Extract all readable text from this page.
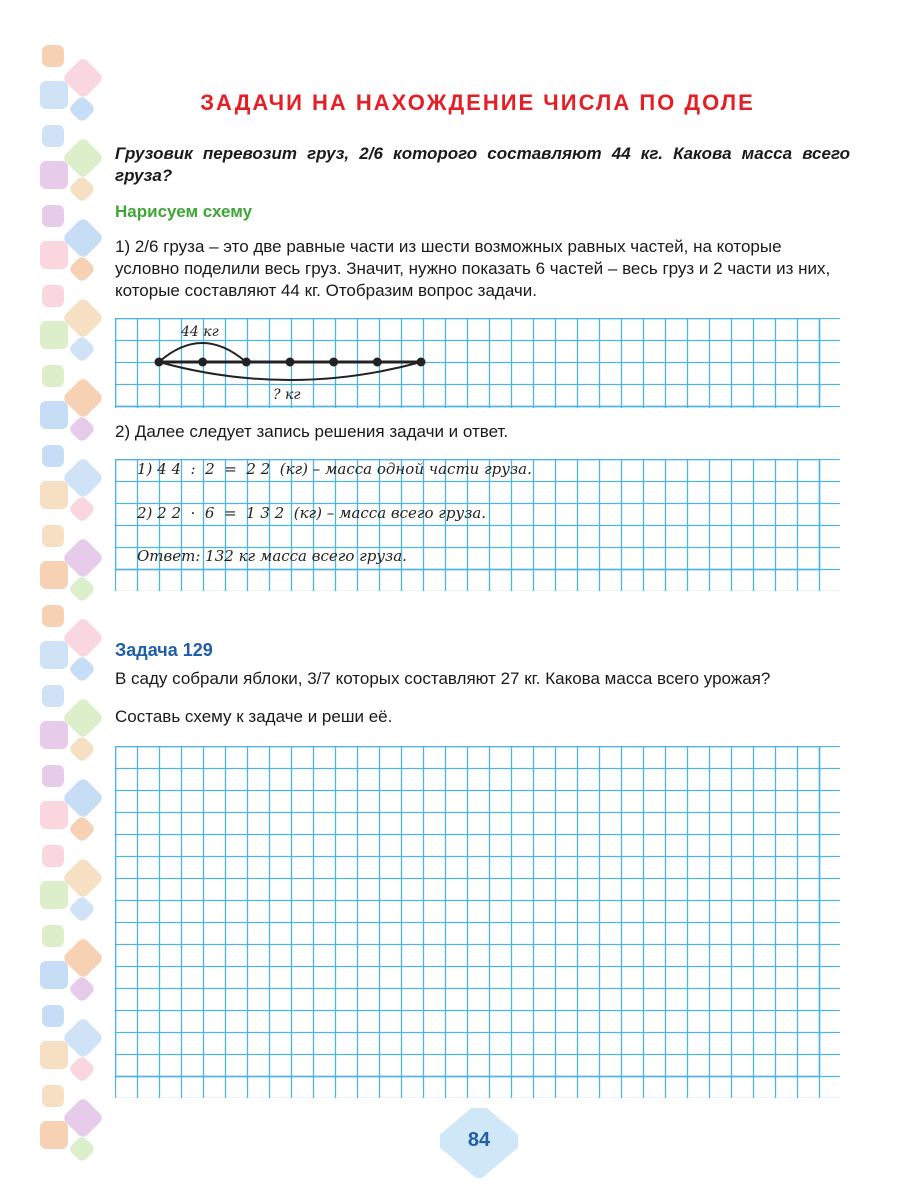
ЗАДАЧИ НА НАХОЖДЕНИЕ ЧИСЛА ПО ДОЛЕ
Грузовик перевозит груз, 2/6 которого составляют 44 кг. Какова масса всего груза?
Нарисуем схему
1) 2/6 груза – это две равные части из шести возможных равных частей, на которые условно поделили весь груз. Значит, нужно показать 6 частей – весь груз и 2 части из них, которые составляют 44 кг. Отобразим вопрос задачи.
44 кг
? кг
2) Далее следует запись решения задачи и ответ.
1) 4 4  :  2  =  2 2  (кг) – масса одной части груза.
2) 2 2  ·  6  =  1 3 2  (кг) – масса всего груза.
Ответ: 132 кг масса всего груза.
Задача 129
В саду собрали яблоки, 3/7 которых составляют 27 кг. Какова масса всего урожая?
Составь схему к задаче и реши её.
84
